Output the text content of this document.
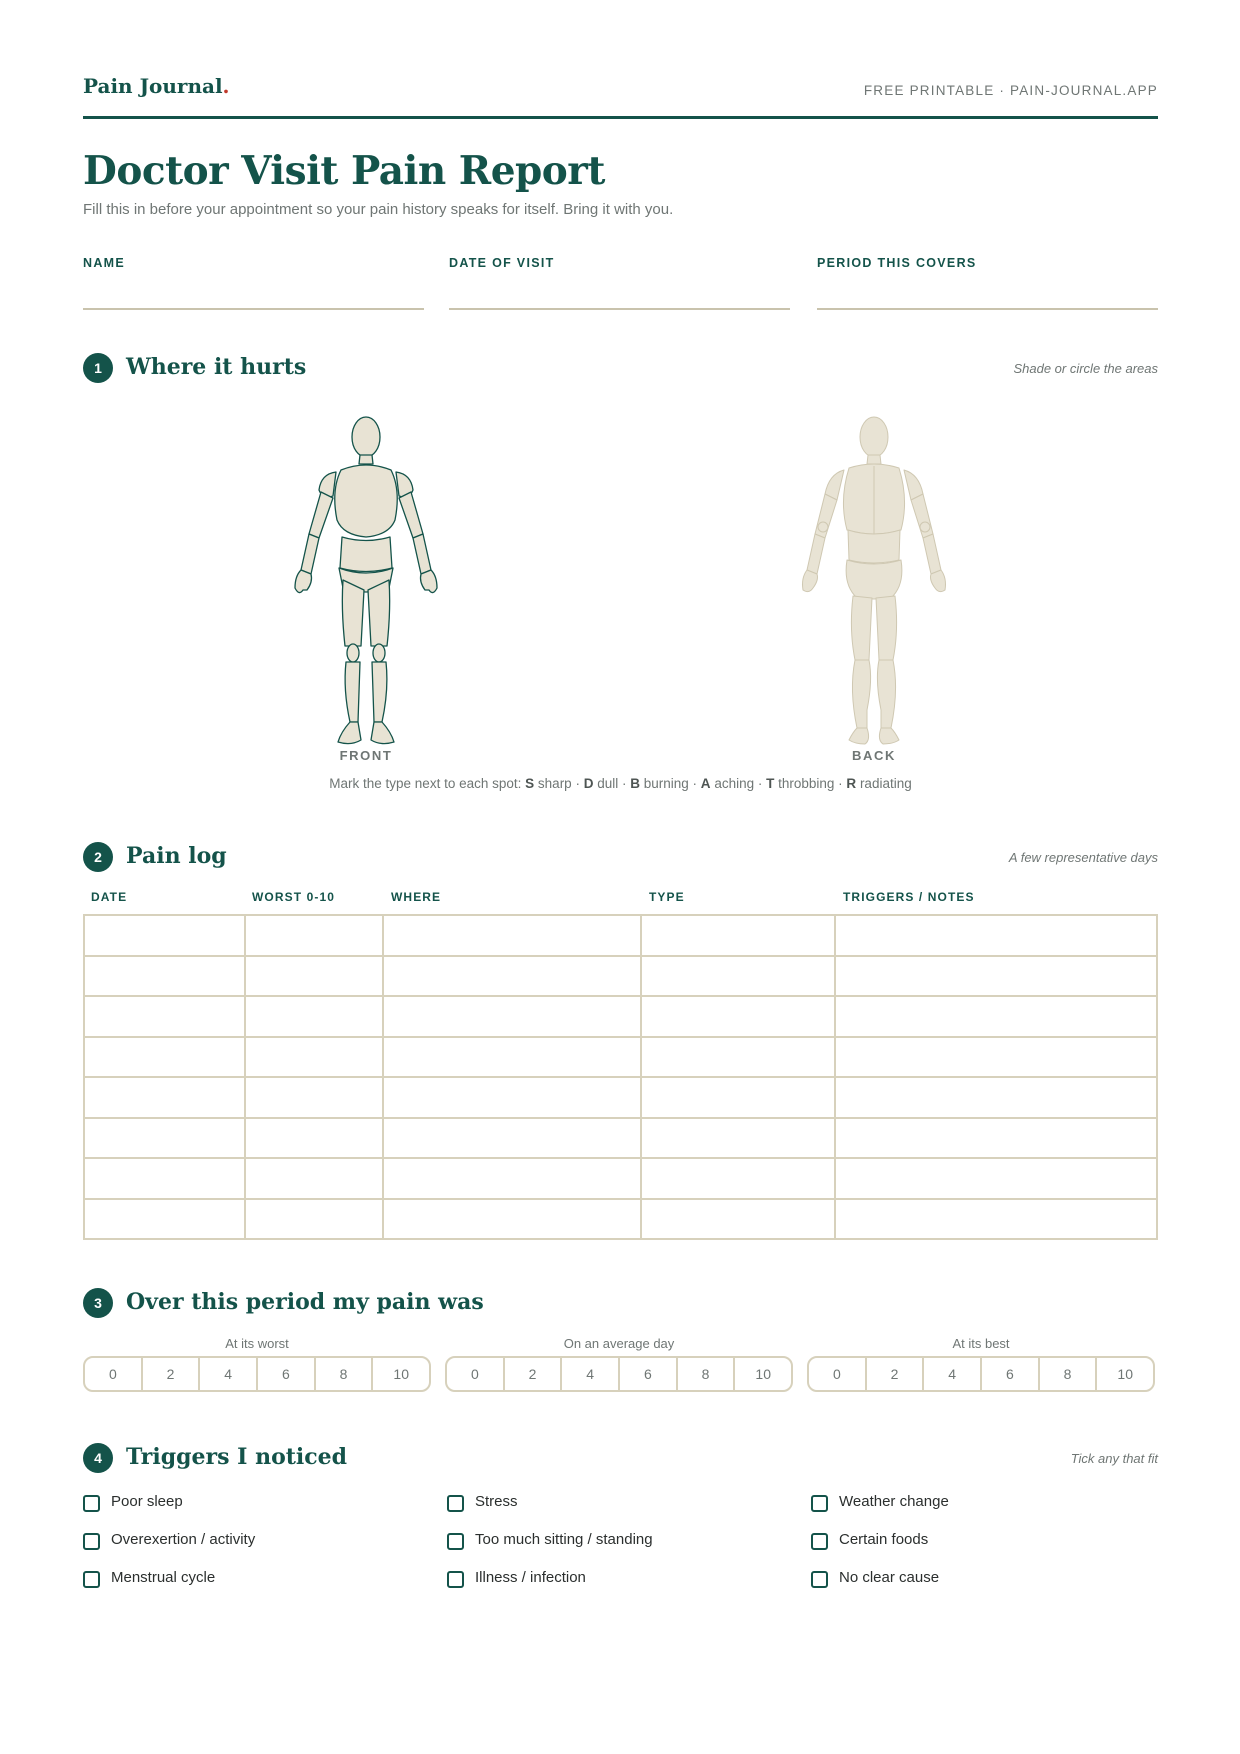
Pain Journal.	FREE PRINTABLE · PAIN-JOURNAL.APP
Doctor Visit Pain Report
Fill this in before your appointment so your pain history speaks for itself. Bring it with you.
NAME	DATE OF VISIT	PERIOD THIS COVERS
1	Where it hurts	Shade or circle the areas
FRONT	BACK
Mark the type next to each spot: S sharp · D dull · B burning · A aching · T throbbing · R radiating
2	Pain log	A few representative days
DATE	WORST 0-10	WHERE	TYPE	TRIGGERS / NOTES

3	Over this period my pain was
At its worst
0	2	4	6	8	10
On an average day
0	2	4	6	8	10
At its best
0	2	4	6	8	10
4	Triggers I noticed	Tick any that fit
Poor sleep	Stress	Weather change
Overexertion / activity	Too much sitting / standing	Certain foods
Menstrual cycle	Illness / infection	No clear cause
